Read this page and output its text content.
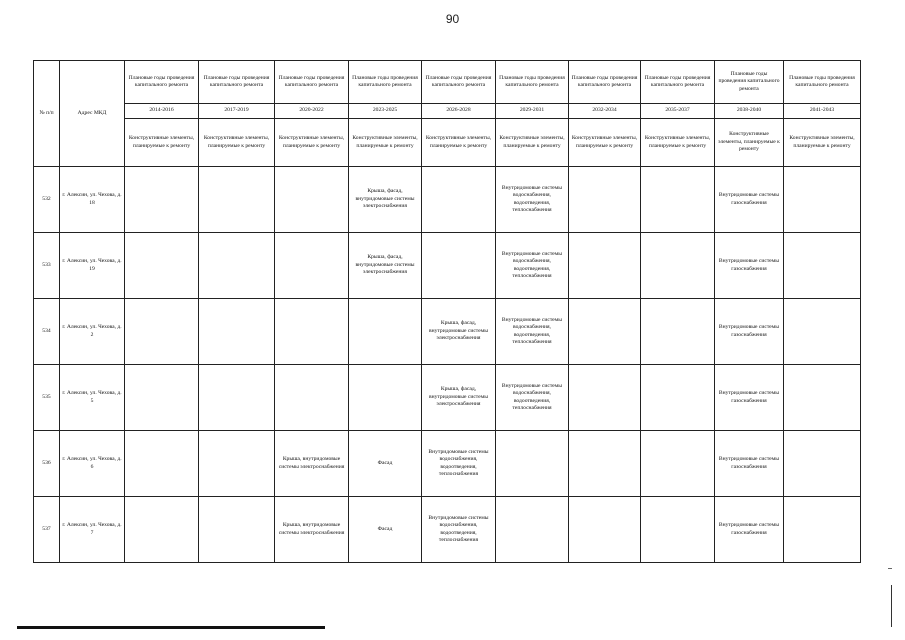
90
№ п/п	Адрес МКД	Плановые годы проведения капитального ремонта	Плановые годы проведения капитального ремонта	Плановые годы проведения капитального ремонта	Плановые годы проведения капитального ремонта	Плановые годы проведения капитального ремонта	Плановые годы проведения капитального ремонта	Плановые годы проведения капитального ремонта	Плановые годы проведения капитального ремонта	Плановые годы проведения капитального ремонта	Плановые годы проведения капитального ремонта
		2014-2016	2017-2019	2020-2022	2023-2025	2026-2028	2029-2031	2032-2034	2035-2037	2038-2040	2041-2043
		Конструктивные элементы, планируемые к ремонту	Конструктивные элементы, планируемые к ремонту	Конструктивные элементы, планируемые к ремонту	Конструктивные элементы, планируемые к ремонту	Конструктивные элементы, планируемые к ремонту	Конструктивные элементы, планируемые к ремонту	Конструктивные элементы, планируемые к ремонту	Конструктивные элементы, планируемые к ремонту	Конструктивные элементы, планируемые к ремонту	Конструктивные элементы, планируемые к ремонту
532	г. Алексин, ул. Чехова, д. 18				Крыша, фасад, внутридомовые системы электроснабжения		Внутридомовые системы водоснабжения, водоотведения, теплоснабжения			Внутридомовые системы газоснабжения	
533	г. Алексин, ул. Чехова, д. 19				Крыша, фасад, внутридомовые системы электроснабжения		Внутридомовые системы водоснабжения, водоотведения, теплоснабжения			Внутридомовые системы газоснабжения	
534	г. Алексин, ул. Чехова, д. 2					Крыша, фасад, внутридомовые системы электроснабжения	Внутридомовые системы водоснабжения, водоотведения, теплоснабжения			Внутридомовые системы газоснабжения	
535	г. Алексин, ул. Чехова, д. 5					Крыша, фасад, внутридомовые системы электроснабжения	Внутридомовые системы водоснабжения, водоотведения, теплоснабжения			Внутридомовые системы газоснабжения	
536	г. Алексин, ул. Чехова, д. 6			Крыша, внутридомовые системы электроснабжения	Фасад	Внутридомовые системы водоснабжения, водоотведения, теплоснабжения				Внутридомовые системы газоснабжения	
537	г. Алексин, ул. Чехова, д. 7			Крыша, внутридомовые системы электроснабжения	Фасад	Внутридомовые системы водоснабжения, водоотведения, теплоснабжения				Внутридомовые системы газоснабжения	
